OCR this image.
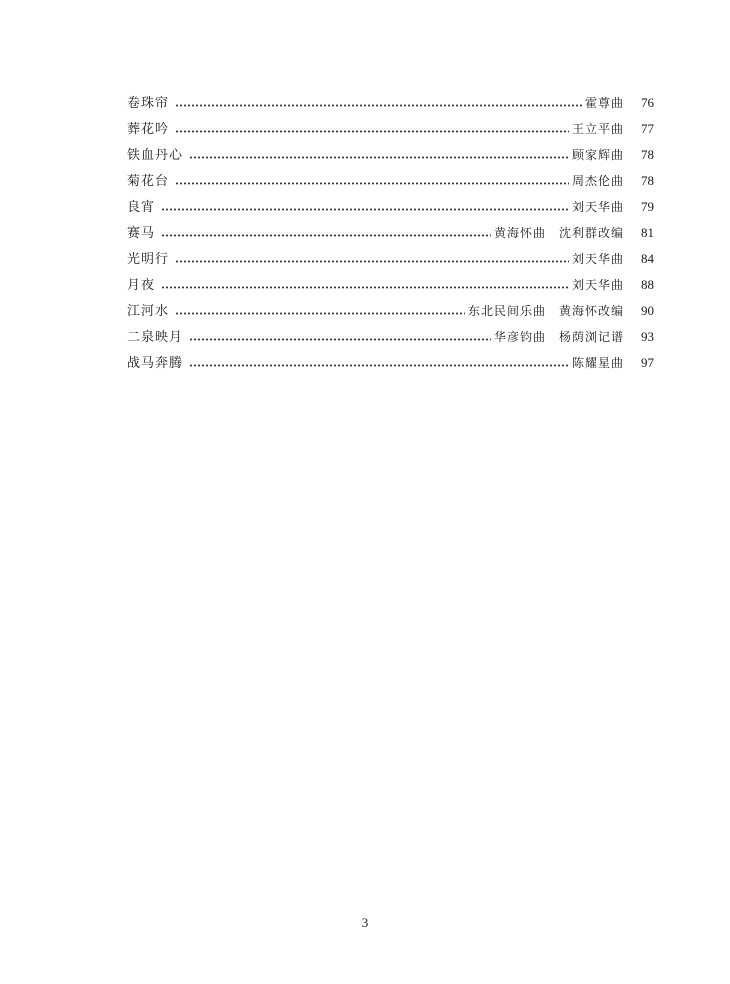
卷珠帘	霍尊曲	76
葬花吟	王立平曲	77
铁血丹心	顾家辉曲	78
菊花台	周杰伦曲	78
良宵	刘天华曲	79
赛马	黄海怀曲　沈利群改编	81
光明行	刘天华曲	84
月夜	刘天华曲	88
江河水	东北民间乐曲　黄海怀改编	90
二泉映月	华彦钧曲　杨荫浏记谱	93
战马奔腾	陈耀星曲	97
3
